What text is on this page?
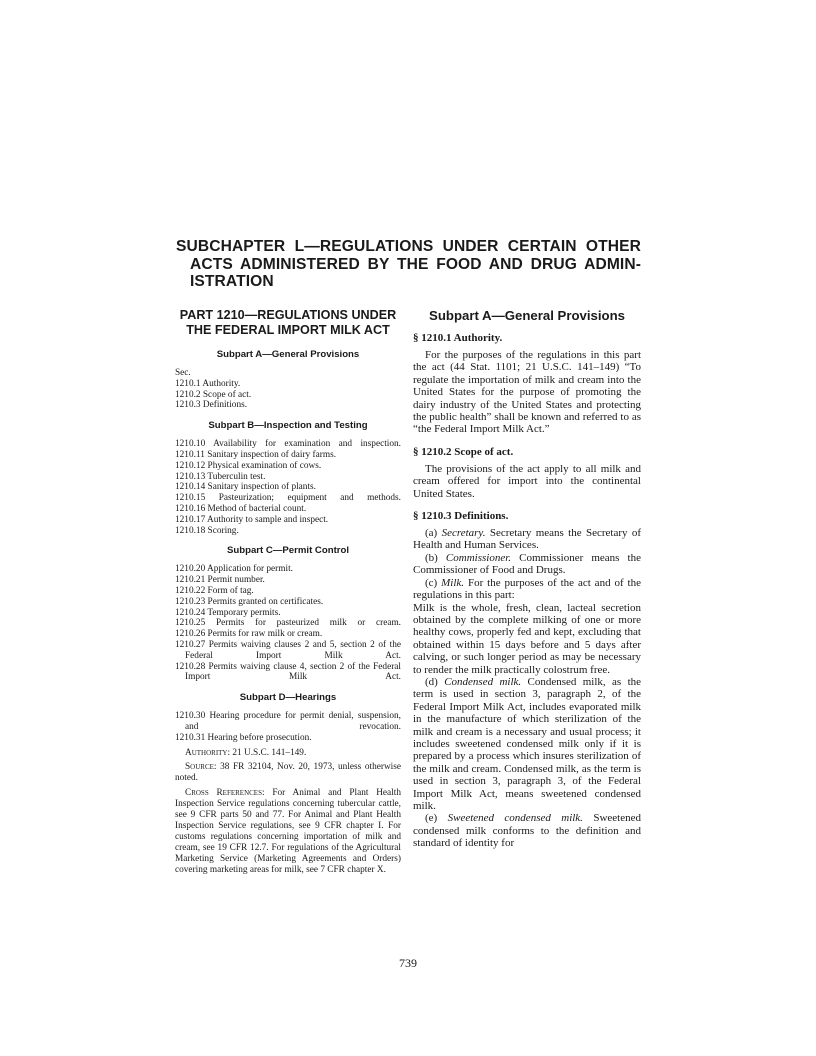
SUBCHAPTER L—REGULATIONS UNDER CERTAIN OTHER
ACTS ADMINISTERED BY THE FOOD AND DRUG ADMIN-
ISTRATION
PART 1210—REGULATIONS UNDER
THE FEDERAL IMPORT MILK ACT
Subpart A—General Provisions
Sec.
1210.1 Authority.
1210.2 Scope of act.
1210.3 Definitions.
Subpart B—Inspection and Testing
1210.10 Availability for examination and inspection.
1210.11 Sanitary inspection of dairy farms.
1210.12 Physical examination of cows.
1210.13 Tuberculin test.
1210.14 Sanitary inspection of plants.
1210.15 Pasteurization; equipment and methods.
1210.16 Method of bacterial count.
1210.17 Authority to sample and inspect.
1210.18 Scoring.
Subpart C—Permit Control
1210.20 Application for permit.
1210.21 Permit number.
1210.22 Form of tag.
1210.23 Permits granted on certificates.
1210.24 Temporary permits.
1210.25 Permits for pasteurized milk or cream.
1210.26 Permits for raw milk or cream.
1210.27 Permits waiving clauses 2 and 5, section 2 of the Federal Import Milk Act.
1210.28 Permits waiving clause 4, section 2 of the Federal Import Milk Act.
Subpart D—Hearings
1210.30 Hearing procedure for permit denial, suspension, and revocation.
1210.31 Hearing before prosecution.

Authority: 21 U.S.C. 141–149.

Source: 38 FR 32104, Nov. 20, 1973, unless otherwise noted.

Cross References: For Animal and Plant Health Inspection Service regulations concerning tubercular cattle, see 9 CFR parts 50 and 77. For Animal and Plant Health Inspection Service regulations, see 9 CFR chapter I. For customs regulations concerning importation of milk and cream, see 19 CFR 12.7. For regulations of the Agricultural Marketing Service (Marketing Agreements and Orders) covering marketing areas for milk, see 7 CFR chapter X.

Subpart A—General Provisions
§ 1210.1 Authority.

For the purposes of the regulations in this part the act (44 Stat. 1101; 21 U.S.C. 141–149) “To regulate the importation of milk and cream into the United States for the purpose of promoting the dairy industry of the United States and protecting the public health” shall be known and referred to as “the Federal Import Milk Act.”

§ 1210.2 Scope of act.

The provisions of the act apply to all milk and cream offered for import into the continental United States.

§ 1210.3 Definitions.

(a) Secretary. Secretary means the Secretary of Health and Human Services.

(b) Commissioner. Commissioner means the Commissioner of Food and Drugs.

(c) Milk. For the purposes of the act and of the regulations in this part:

Milk is the whole, fresh, clean, lacteal secretion obtained by the complete milking of one or more healthy cows, properly fed and kept, excluding that obtained within 15 days before and 5 days after calving, or such longer period as may be necessary to render the milk practically colostrum free.

(d) Condensed milk. Condensed milk, as the term is used in section 3, paragraph 2, of the Federal Import Milk Act, includes evaporated milk in the manufacture of which sterilization of the milk and cream is a necessary and usual process; it includes sweetened condensed milk only if it is prepared by a process which insures sterilization of the milk and cream. Condensed milk, as the term is used in section 3, paragraph 3, of the Federal Import Milk Act, means sweetened condensed milk.

(e) Sweetened condensed milk. Sweetened condensed milk conforms to the definition and standard of identity for

739
